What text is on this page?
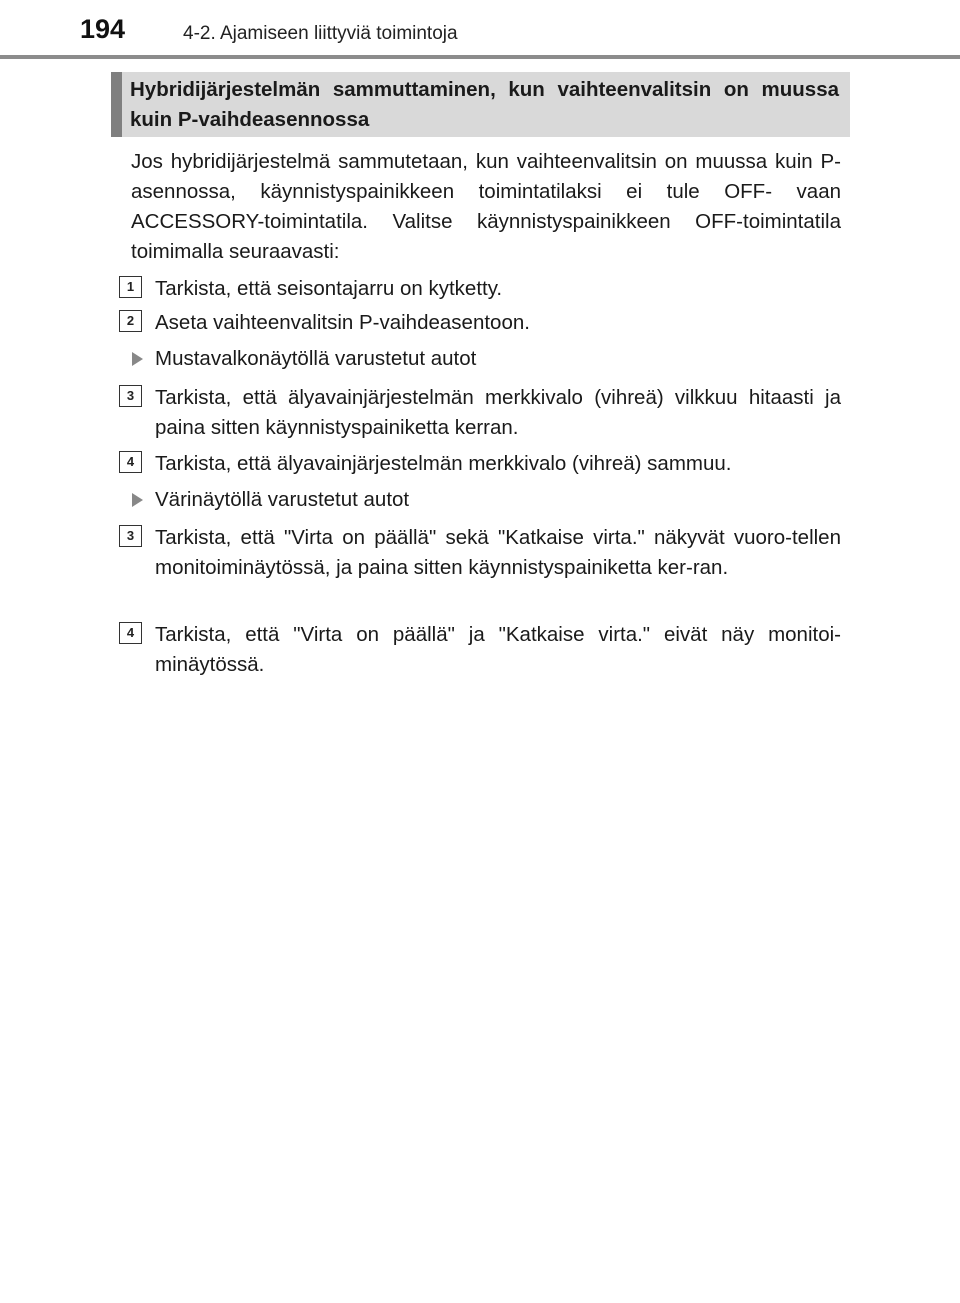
194	4-2. Ajamiseen liittyviä toimintoja
Hybridijärjestelmän sammuttaminen, kun vaihteenvalitsin on muussa kuin P-vaihdeasennossa

Jos hybridijärjestelmä sammutetaan, kun vaihteenvalitsin on muussa kuin P-asennossa, käynnistyspainikkeen toimintatilaksi ei tule OFF- vaan ACCESSORY-toimintatila. Valitse käynnistyspainikkeen OFF-toimintatila toimimalla seuraavasti:

1	Tarkista, että seisontajarru on kytketty.

2	Aseta vaihteenvalitsin P-vaihdeasentoon.

Mustavalkonäytöllä varustetut autot
3	Tarkista, että älyavainjärjestelmän merkkivalo (vihreä) vilkkuu hitaasti ja paina sitten käynnistyspainiketta kerran.

4	Tarkista, että älyavainjärjestelmän merkkivalo (vihreä) sammuu.

Värinäytöllä varustetut autot
3	Tarkista, että "Virta on päällä" sekä "Katkaise virta." näkyvät vuoro-tellen monitoiminäytössä, ja paina sitten käynnistyspainiketta ker-ran.

4	Tarkista, että "Virta on päällä" ja "Katkaise virta." eivät näy monitoi-minäytössä.
